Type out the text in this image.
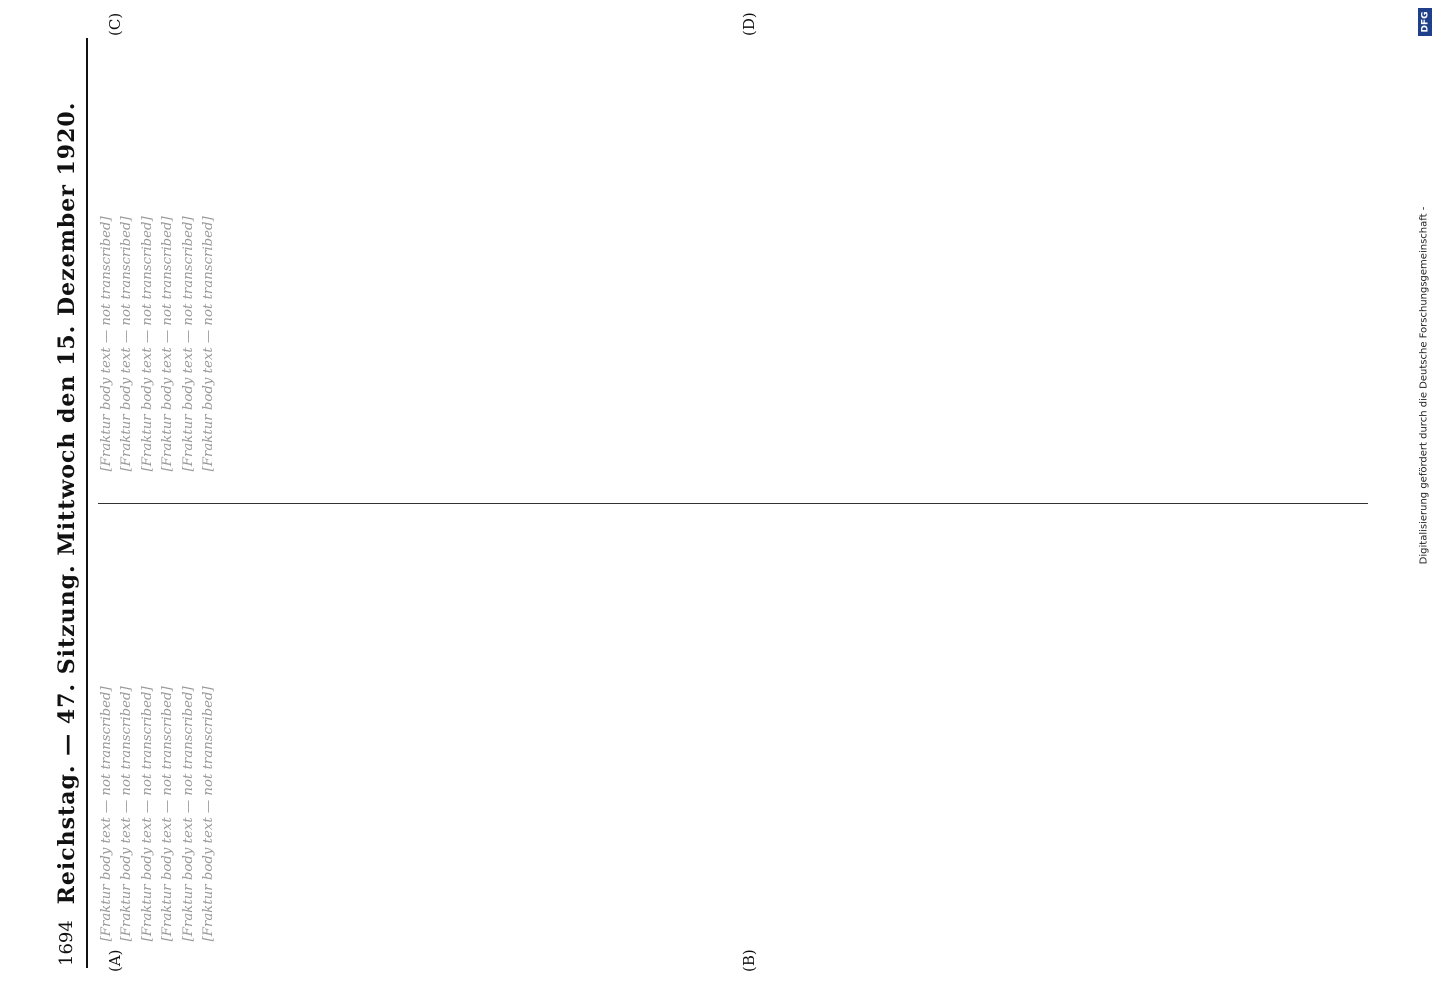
DFG
Digitalisierung gefördert durch die Deutsche Forschungsgemeinschaft -
1694
Reichstag. — 47. Sitzung. Mittwoch den 15. Dezember 1920.
(A)	(B)
(C)	(D)

[Fraktur body text — not transcribed] [Fraktur body text — not transcribed] [Fraktur body text — not transcribed] [Fraktur body text — not transcribed] [Fraktur body text — not transcribed] [Fraktur body text — not transcribed]

[Fraktur body text — not transcribed] [Fraktur body text — not transcribed] [Fraktur body text — not transcribed] [Fraktur body text — not transcribed] [Fraktur body text — not transcribed] [Fraktur body text — not transcribed]
